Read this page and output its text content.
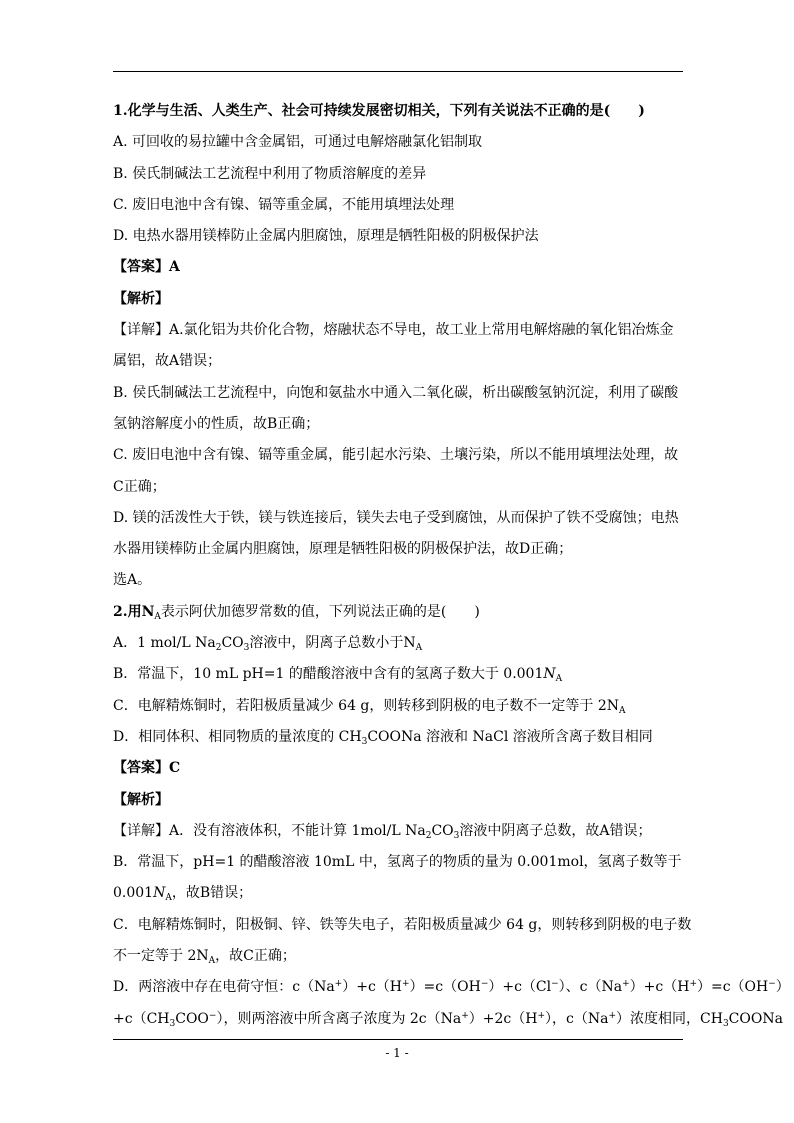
1.化学与生活、人类生产、社会可持续发展密切相关，下列有关说法不正确的是(　　)
A. 可回收的易拉罐中含金属铝，可通过电解熔融氯化铝制取
B. 侯氏制碱法工艺流程中利用了物质溶解度的差异
C. 废旧电池中含有镍、镉等重金属，不能用填埋法处理
D. 电热水器用镁棒防止金属内胆腐蚀，原理是牺牲阳极的阴极保护法
【答案】A
【解析】
【详解】A.氯化铝为共价化合物，熔融状态不导电，故工业上常用电解熔融的氧化铝冶炼金
属铝，故A错误；
B. 侯氏制碱法工艺流程中，向饱和氨盐水中通入二氧化碳，析出碳酸氢钠沉淀，利用了碳酸
氢钠溶解度小的性质，故B正确；
C. 废旧电池中含有镍、镉等重金属，能引起水污染、土壤污染，所以不能用填埋法处理，故
C正确；
D. 镁的活泼性大于铁，镁与铁连接后，镁失去电子受到腐蚀，从而保护了铁不受腐蚀；电热
水器用镁棒防止金属内胆腐蚀，原理是牺牲阳极的阴极保护法，故D正确；
选A。
2.用$N_A$表示阿伏加德罗常数的值，下列说法正确的是(　　)
A．1 mol/L $Na_2CO_3$溶液中，阴离子总数小于$N_A$
B．常温下，10 mL pH=1 的醋酸溶液中含有的氢离子数大于 $0.001N_A$
C．电解精炼铜时，若阳极质量减少 64 g，则转移到阴极的电子数不一定等于 $2N_A$
D．相同体积、相同物质的量浓度的 $CH_3COONa$ 溶液和 NaCl 溶液所含离子数目相同
【答案】C
【解析】
【详解】A．没有溶液体积，不能计算 1mol/L $Na_2CO_3$溶液中阴离子总数，故A错误；
B．常温下，pH=1 的醋酸溶液 10mL 中，氢离子的物质的量为 0.001mol，氢离子数等于
$0.001N_A$，故B错误；
C．电解精炼铜时，阳极铜、锌、铁等失电子，若阳极质量减少 64 g，则转移到阴极的电子数
不一定等于 $2N_A$，故C正确；
D．两溶液中存在电荷守恒：c（Na+）+c（H+）=c（OH−）+c（Cl−）、c（Na+）+c（H+）=c（OH−）
$+c(CH_3COO^-)$，则两溶液中所含离子浓度为 2c（Na+）+2c（H+），c（Na+）浓度相同，$CH_3COONa$
- 1 -
